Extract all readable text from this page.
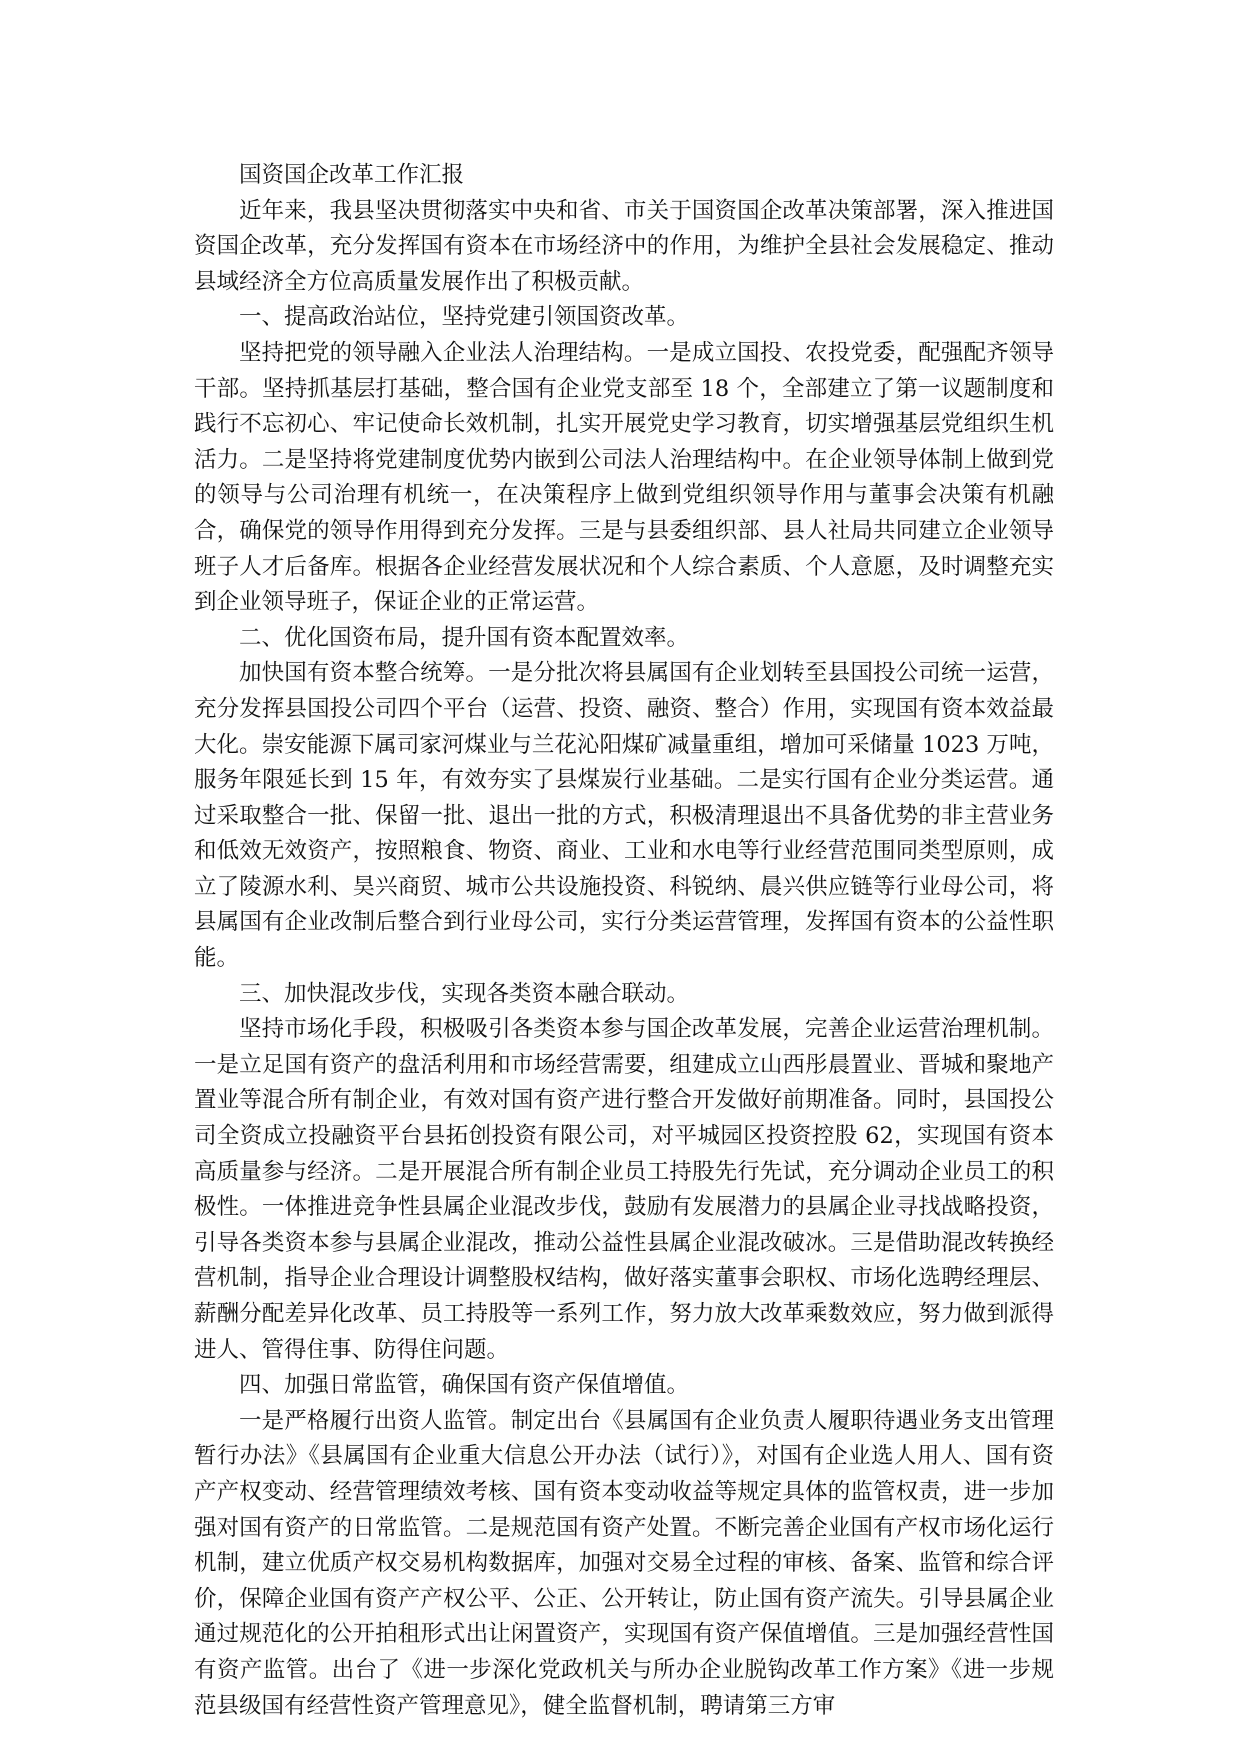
国资国企改革工作汇报

近年来，我县坚决贯彻落实中央和省、市关于国资国企改革决策部署，深入推进国资国企改革，充分发挥国有资本在市场经济中的作用，为维护全县社会发展稳定、推动县域经济全方位高质量发展作出了积极贡献。

一、提高政治站位，坚持党建引领国资改革。

坚持把党的领导融入企业法人治理结构。一是成立国投、农投党委，配强配齐领导干部。坚持抓基层打基础，整合国有企业党支部至 18 个，全部建立了第一议题制度和践行不忘初心、牢记使命长效机制，扎实开展党史学习教育，切实增强基层党组织生机活力。二是坚持将党建制度优势内嵌到公司法人治理结构中。在企业领导体制上做到党的领导与公司治理有机统一，在决策程序上做到党组织领导作用与董事会决策有机融合，确保党的领导作用得到充分发挥。三是与县委组织部、县人社局共同建立企业领导班子人才后备库。根据各企业经营发展状况和个人综合素质、个人意愿，及时调整充实到企业领导班子，保证企业的正常运营。

二、优化国资布局，提升国有资本配置效率。

加快国有资本整合统筹。一是分批次将县属国有企业划转至县国投公司统一运营，充分发挥县国投公司四个平台（运营、投资、融资、整合）作用，实现国有资本效益最大化。崇安能源下属司家河煤业与兰花沁阳煤矿减量重组，增加可采储量 1023 万吨，服务年限延长到 15 年，有效夯实了县煤炭行业基础。二是实行国有企业分类运营。通过采取整合一批、保留一批、退出一批的方式，积极清理退出不具备优势的非主营业务和低效无效资产，按照粮食、物资、商业、工业和水电等行业经营范围同类型原则，成立了陵源水利、昊兴商贸、城市公共设施投资、科锐纳、晨兴供应链等行业母公司，将县属国有企业改制后整合到行业母公司，实行分类运营管理，发挥国有资本的公益性职能。

三、加快混改步伐，实现各类资本融合联动。

坚持市场化手段，积极吸引各类资本参与国企改革发展，完善企业运营治理机制。一是立足国有资产的盘活利用和市场经营需要，组建成立山西彤晨置业、晋城和聚地产置业等混合所有制企业，有效对国有资产进行整合开发做好前期准备。同时，县国投公司全资成立投融资平台县拓创投资有限公司，对平城园区投资控股 62，实现国有资本高质量参与经济。二是开展混合所有制企业员工持股先行先试，充分调动企业员工的积极性。一体推进竞争性县属企业混改步伐，鼓励有发展潜力的县属企业寻找战略投资，引导各类资本参与县属企业混改，推动公益性县属企业混改破冰。三是借助混改转换经营机制，指导企业合理设计调整股权结构，做好落实董事会职权、市场化选聘经理层、薪酬分配差异化改革、员工持股等一系列工作，努力放大改革乘数效应，努力做到派得进人、管得住事、防得住问题。

四、加强日常监管，确保国有资产保值增值。

一是严格履行出资人监管。制定出台《县属国有企业负责人履职待遇业务支出管理暂行办法》《县属国有企业重大信息公开办法（试行）》，对国有企业选人用人、国有资产产权变动、经营管理绩效考核、国有资本变动收益等规定具体的监管权责，进一步加强对国有资产的日常监管。二是规范国有资产处置。不断完善企业国有产权市场化运行机制，建立优质产权交易机构数据库，加强对交易全过程的审核、备案、监管和综合评价，保障企业国有资产产权公平、公正、公开转让，防止国有资产流失。引导县属企业通过规范化的公开拍租形式出让闲置资产，实现国有资产保值增值。三是加强经营性国有资产监管。出台了《进一步深化党政机关与所办企业脱钩改革工作方案》《进一步规范县级国有经营性资产管理意见》，健全监督机制，聘请第三方审
